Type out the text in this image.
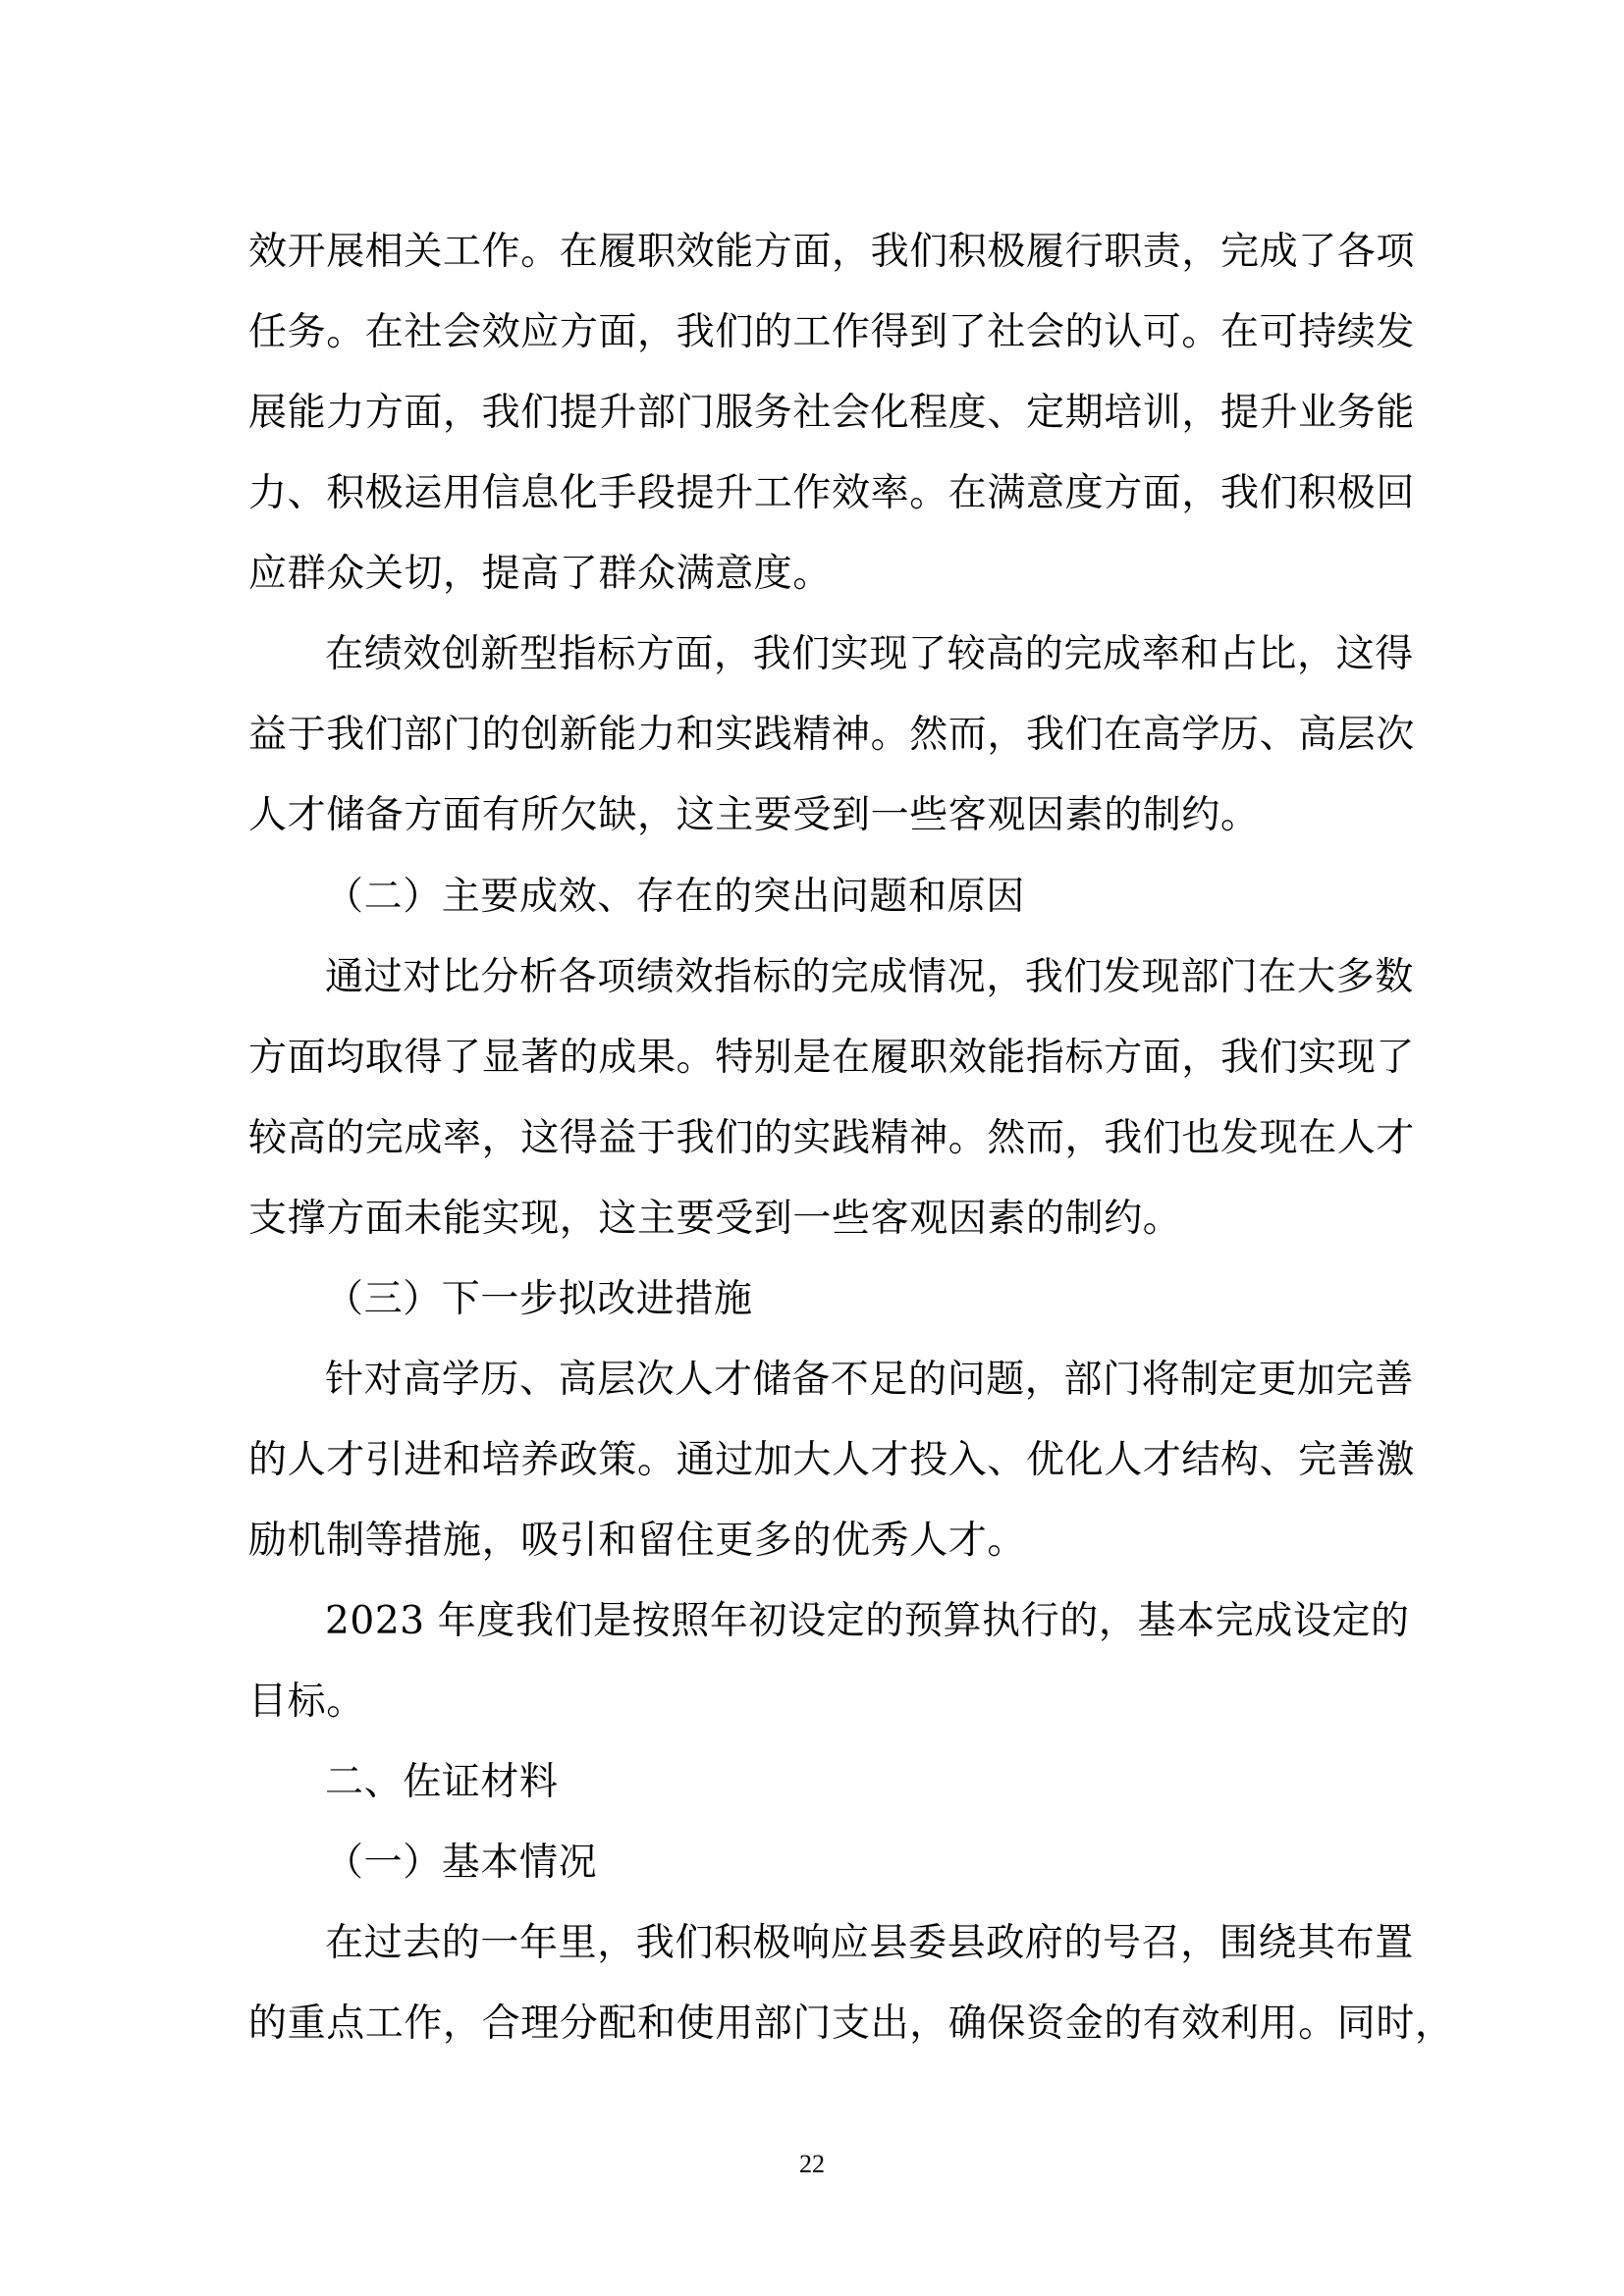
效开展相关工作。在履职效能方面，我们积极履行职责，完成了各项
任务。在社会效应方面，我们的工作得到了社会的认可。在可持续发
展能力方面，我们提升部门服务社会化程度、定期培训，提升业务能
力、积极运用信息化手段提升工作效率。在满意度方面，我们积极回
应群众关切，提高了群众满意度。
在绩效创新型指标方面，我们实现了较高的完成率和占比，这得
益于我们部门的创新能力和实践精神。然而，我们在高学历、高层次
人才储备方面有所欠缺，这主要受到一些客观因素的制约。
（二）主要成效、存在的突出问题和原因
通过对比分析各项绩效指标的完成情况，我们发现部门在大多数
方面均取得了显著的成果。特别是在履职效能指标方面，我们实现了
较高的完成率，这得益于我们的实践精神。然而，我们也发现在人才
支撑方面未能实现，这主要受到一些客观因素的制约。
（三）下一步拟改进措施
针对高学历、高层次人才储备不足的问题，部门将制定更加完善
的人才引进和培养政策。通过加大人才投入、优化人才结构、完善激
励机制等措施，吸引和留住更多的优秀人才。
2023 年度我们是按照年初设定的预算执行的，基本完成设定的
目标。
二、佐证材料
（一）基本情况
在过去的一年里，我们积极响应县委县政府的号召，围绕其布置
的重点工作，合理分配和使用部门支出，确保资金的有效利用。同时，
22
